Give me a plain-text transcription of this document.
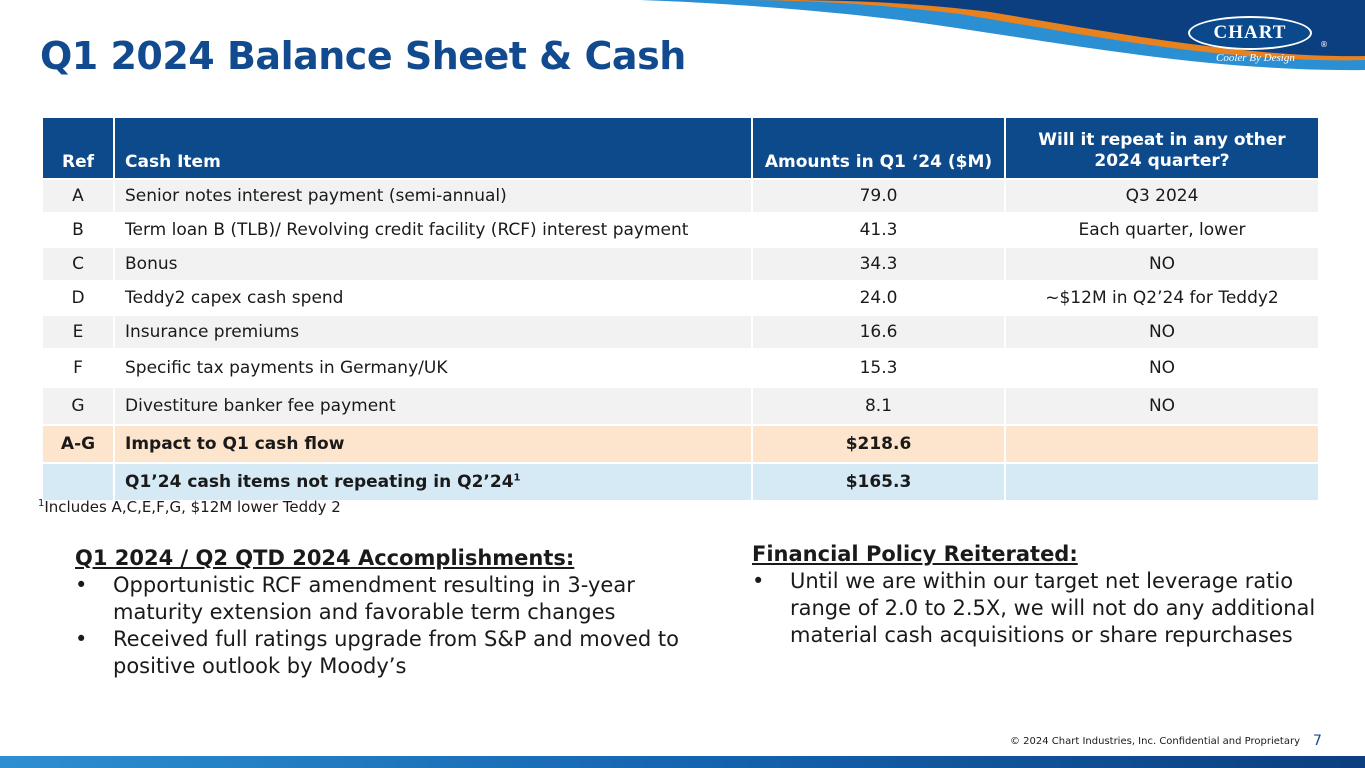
CHART
®
Cooler By Design
Q1 2024 Balance Sheet & Cash
Ref	Cash Item	Amounts in Q1 ‘24 ($M)	Will it repeat in any other 2024 quarter?
A	Senior notes interest payment (semi-annual)	79.0	Q3 2024
B	Term loan B (TLB)/ Revolving credit facility (RCF) interest payment	41.3	Each quarter, lower
C	Bonus	34.3	NO
D	Teddy2 capex cash spend	24.0	~$12M in Q2’24 for Teddy2
E	Insurance premiums	16.6	NO
F	Specific tax payments in Germany/UK	15.3	NO
G	Divestiture banker fee payment	8.1	NO
A-G	Impact to Q1 cash flow	$218.6	
	Q1’24 cash items not repeating in $Q2’24^1$	$165.3	
$^1$Includes A,C,E,F,G, $12M lower Teddy 2

Q1 2024 / Q2 QTD 2024 Accomplishments:

• Opportunistic RCF amendment resulting in 3-year maturity extension and favorable term changes
• Received full ratings upgrade from S&P and moved to positive outlook by Moody’s

Financial Policy Reiterated:

• Until we are within our target net leverage ratio range of 2.0 to 2.5X, we will not do any additional material cash acquisitions or share repurchases
© 2024 Chart Industries, Inc. Confidential and Proprietary 7
